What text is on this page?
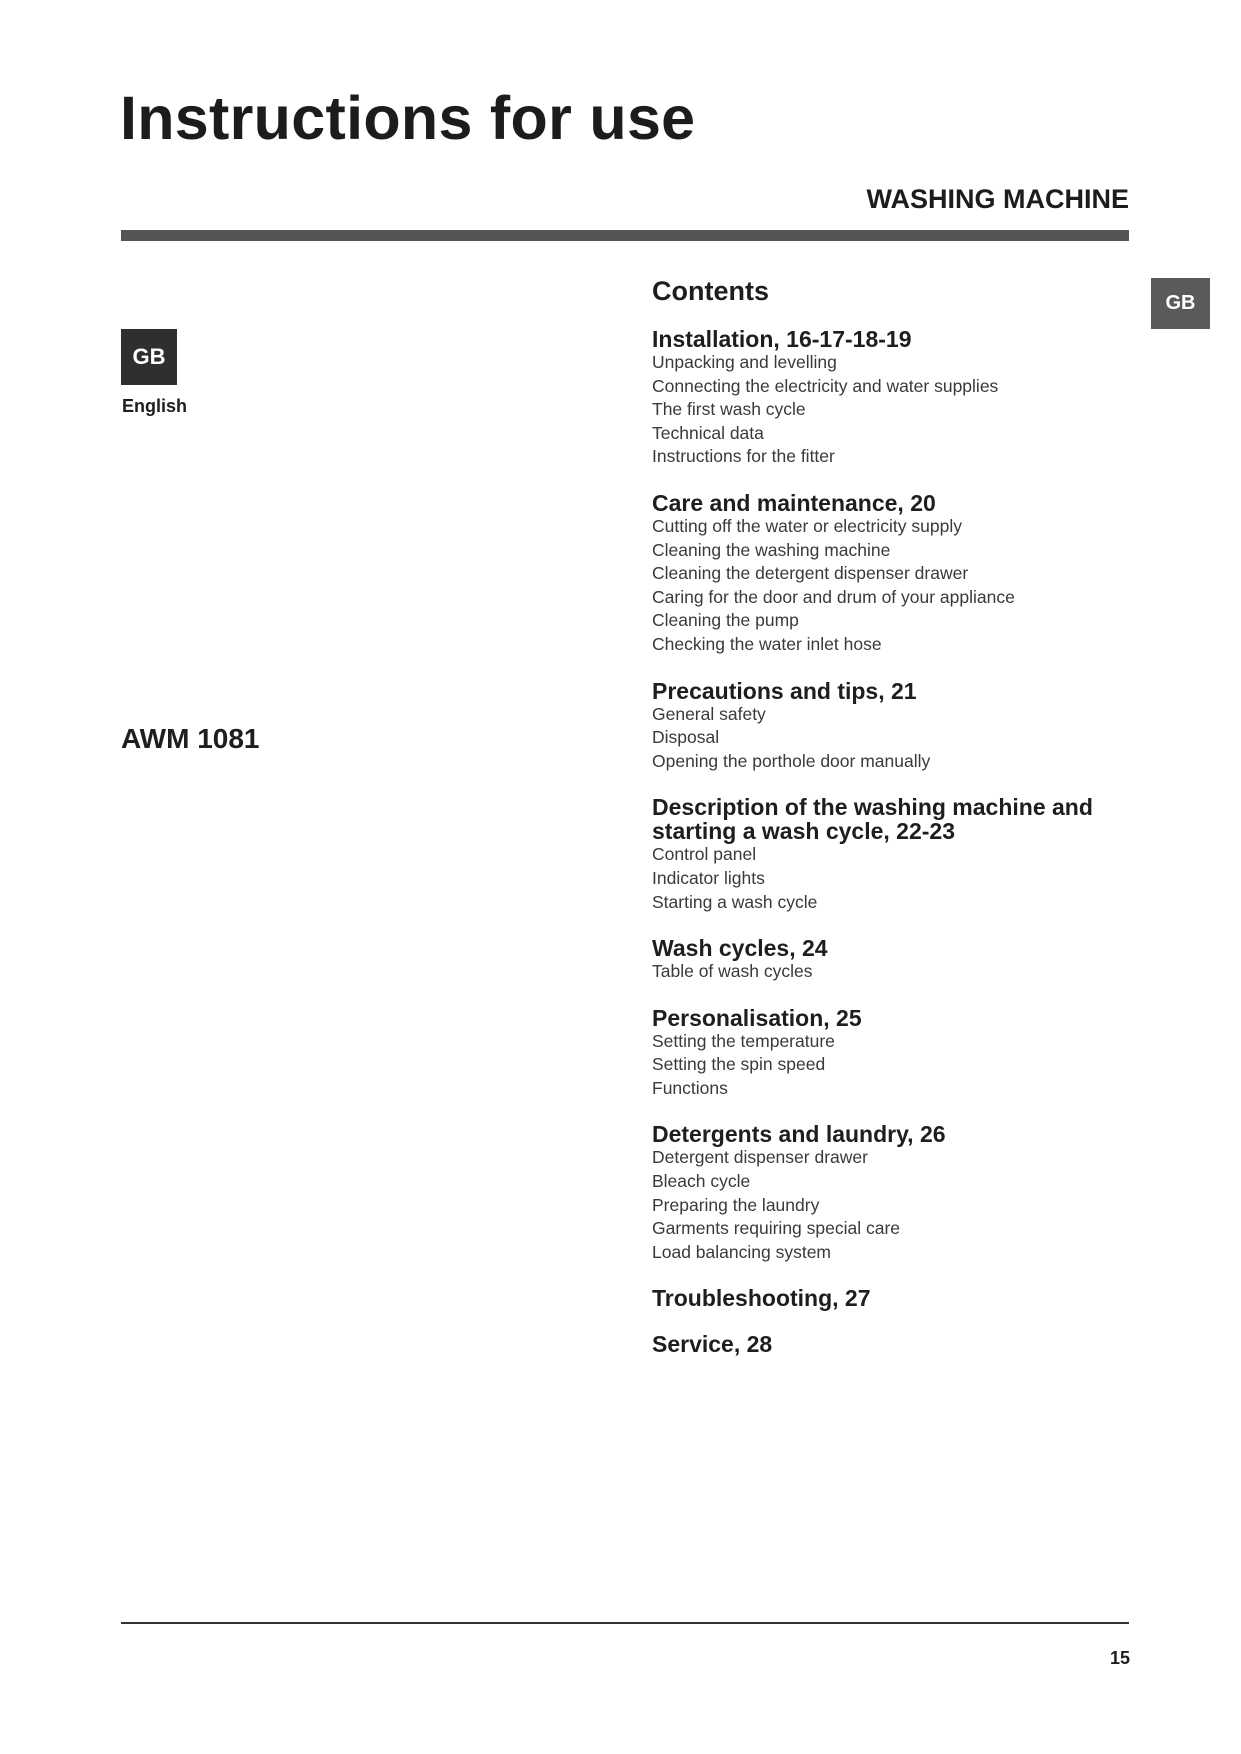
Instructions for use
WASHING MACHINE
GB
English
GB
AWM 1081
Contents
Installation, 16-17-18-19
Unpacking and levelling
Connecting the electricity and water supplies
The first wash cycle
Technical data
Instructions for the fitter
Care and maintenance, 20
Cutting off the water or electricity supply
Cleaning the washing machine
Cleaning the detergent dispenser drawer
Caring for the door and drum of your appliance
Cleaning the pump
Checking the water inlet hose
Precautions and tips, 21
General safety
Disposal
Opening the porthole door manually
Description of the washing machine and starting a wash cycle, 22-23
Control panel
Indicator lights
Starting a wash cycle
Wash cycles, 24
Table of wash cycles
Personalisation, 25
Setting the temperature
Setting the spin speed
Functions
Detergents and laundry, 26
Detergent dispenser drawer
Bleach cycle
Preparing the laundry
Garments requiring special care
Load balancing system
Troubleshooting, 27
Service, 28
15
